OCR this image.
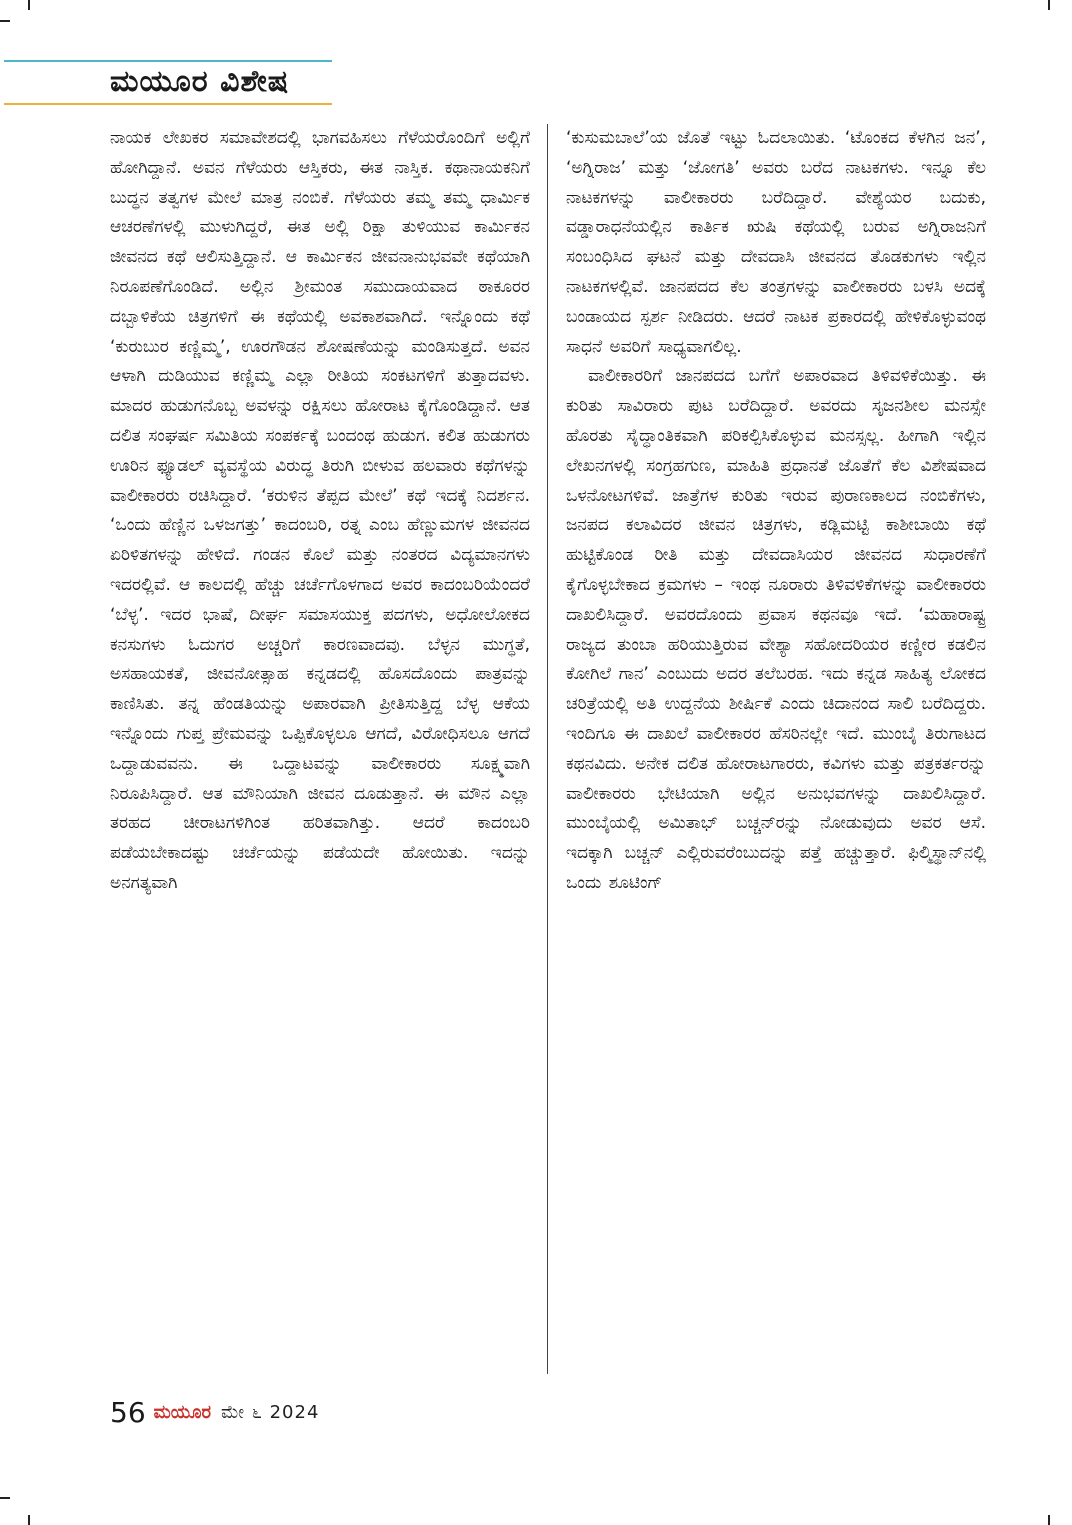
ಮಯೂರ ವಿಶೇಷ

ನಾಯಕ ಲೇಖಕರ ಸಮಾವೇಶದಲ್ಲಿ ಭಾಗವಹಿಸಲು ಗೆಳೆಯರೊಂದಿಗೆ ಅಲ್ಲಿಗೆ ಹೋಗಿದ್ದಾನೆ. ಅವನ ಗೆಳೆಯರು ಆಸ್ತಿಕರು, ಈತ ನಾಸ್ತಿಕ. ಕಥಾನಾಯಕನಿಗೆ ಬುದ್ಧನ ತತ್ವಗಳ ಮೇಲೆ ಮಾತ್ರ ನಂಬಿಕೆ. ಗೆಳೆಯರು ತಮ್ಮ ತಮ್ಮ ಧಾರ್ಮಿಕ ಆಚರಣೆಗಳಲ್ಲಿ ಮುಳುಗಿದ್ದರೆ, ಈತ ಅಲ್ಲಿ ರಿಕ್ಷಾ ತುಳಿಯುವ ಕಾರ್ಮಿಕನ ಜೀವನದ ಕಥೆ ಆಲಿಸುತ್ತಿದ್ದಾನೆ. ಆ ಕಾರ್ಮಿಕನ ಜೀವನಾನುಭವವೇ ಕಥೆಯಾಗಿ ನಿರೂಪಣೆಗೊಂಡಿದೆ. ಅಲ್ಲಿನ ಶ್ರೀಮಂತ ಸಮುದಾಯವಾದ ಠಾಕೂರರ ದಬ್ಬಾಳಿಕೆಯ ಚಿತ್ರಗಳಿಗೆ ಈ ಕಥೆಯಲ್ಲಿ ಅವಕಾಶವಾಗಿದೆ. ಇನ್ನೊಂದು ಕಥೆ ‘ಕುರುಬುರ ಕಣ್ಣಿಮ್ಮ’, ಊರಗೌಡನ ಶೋಷಣೆಯನ್ನು ಮಂಡಿಸುತ್ತದೆ. ಅವನ ಆಳಾಗಿ ದುಡಿಯುವ ಕಣ್ಣಿಮ್ಮ ಎಲ್ಲಾ ರೀತಿಯ ಸಂಕಟಗಳಿಗೆ ತುತ್ತಾದವಳು. ಮಾದರ ಹುಡುಗನೊಬ್ಬ ಅವಳನ್ನು ರಕ್ಷಿಸಲು ಹೋರಾಟ ಕೈಗೊಂಡಿದ್ದಾನೆ. ಆತ ದಲಿತ ಸಂಘರ್ಷ ಸಮಿತಿಯ ಸಂಪರ್ಕಕ್ಕೆ ಬಂದಂಥ ಹುಡುಗ. ಕಲಿತ ಹುಡುಗರು ಊರಿನ ಫ್ಯೂಡಲ್ ವ್ಯವಸ್ಥೆಯ ವಿರುದ್ಧ ತಿರುಗಿ ಬೀಳುವ ಹಲವಾರು ಕಥೆಗಳನ್ನು ವಾಲೀಕಾರರು ರಚಿಸಿದ್ದಾರೆ. ‘ಕರುಳಿನ ತೆಪ್ಪದ ಮೇಲೆ’ ಕಥೆ ಇದಕ್ಕೆ ನಿದರ್ಶನ. ‘ಒಂದು ಹೆಣ್ಣಿನ ಒಳಜಗತ್ತು’ ಕಾದಂಬರಿ, ರತ್ನ ಎಂಬ ಹೆಣ್ಣುಮಗಳ ಜೀವನದ ಏರಿಳಿತಗಳನ್ನು ಹೇಳಿದೆ. ಗಂಡನ ಕೊಲೆ ಮತ್ತು ನಂತರದ ವಿದ್ಯಮಾನಗಳು ಇದರಲ್ಲಿವೆ. ಆ ಕಾಲದಲ್ಲಿ ಹೆಚ್ಚು ಚರ್ಚೆಗೊಳಗಾದ ಅವರ ಕಾದಂಬರಿಯೆಂದರೆ ‘ಬೆಳ್ಳ’. ಇದರ ಭಾಷೆ, ದೀರ್ಘ ಸಮಾಸಯುಕ್ತ ಪದಗಳು, ಅಧೋಲೋಕದ ಕನಸುಗಳು ಓದುಗರ ಅಚ್ಚರಿಗೆ ಕಾರಣವಾದವು. ಬೆಳ್ಳನ ಮುಗ್ಧತೆ, ಅಸಹಾಯಕತೆ, ಜೀವನೋತ್ಸಾಹ ಕನ್ನಡದಲ್ಲಿ ಹೊಸದೊಂದು ಪಾತ್ರವನ್ನು ಕಾಣಿಸಿತು. ತನ್ನ ಹೆಂಡತಿಯನ್ನು ಅಪಾರವಾಗಿ ಪ್ರೀತಿಸುತ್ತಿದ್ದ ಬೆಳ್ಳ ಆಕೆಯ ಇನ್ನೊಂದು ಗುಪ್ತ ಪ್ರೇಮವನ್ನು ಒಪ್ಪಿಕೊಳ್ಳಲೂ ಆಗದೆ, ವಿರೋಧಿಸಲೂ ಆಗದೆ ಒದ್ದಾಡುವವನು. ಈ ಒದ್ದಾಟವನ್ನು ವಾಲೀಕಾರರು ಸೂಕ್ಷ್ಮವಾಗಿ ನಿರೂಪಿಸಿದ್ದಾರೆ. ಆತ ಮೌನಿಯಾಗಿ ಜೀವನ ದೂಡುತ್ತಾನೆ. ಈ ಮೌನ ಎಲ್ಲಾ ತರಹದ ಚೀರಾಟಗಳಿಗಿಂತ ಹರಿತವಾಗಿತ್ತು. ಆದರೆ ಕಾದಂಬರಿ ಪಡೆಯಬೇಕಾದಷ್ಟು ಚರ್ಚೆಯನ್ನು ಪಡೆಯದೇ ಹೋಯಿತು. ಇದನ್ನು ಅನಗತ್ಯವಾಗಿ

‘ಕುಸುಮಬಾಲೆ’ಯ ಜೊತೆ ಇಟ್ಟು ಓದಲಾಯಿತು. ‘ಟೊಂಕದ ಕೆಳಗಿನ ಜನ’, ‘ಅಗ್ನಿರಾಜ’ ಮತ್ತು ‘ಜೋಗತಿ’ ಅವರು ಬರೆದ ನಾಟಕಗಳು. ಇನ್ನೂ ಕೆಲ ನಾಟಕಗಳನ್ನು ವಾಲೀಕಾರರು ಬರೆದಿದ್ದಾರೆ. ವೇಶ್ಯೆಯರ ಬದುಕು, ವಡ್ಡಾರಾಧನೆಯಲ್ಲಿನ ಕಾರ್ತಿಕ ಋಷಿ ಕಥೆಯಲ್ಲಿ ಬರುವ ಅಗ್ನಿರಾಜನಿಗೆ ಸಂಬಂಧಿಸಿದ ಘಟನೆ ಮತ್ತು ದೇವದಾಸಿ ಜೀವನದ ತೊಡಕುಗಳು ಇಲ್ಲಿನ ನಾಟಕಗಳಲ್ಲಿವೆ. ಜಾನಪದದ ಕೆಲ ತಂತ್ರಗಳನ್ನು ವಾಲೀಕಾರರು ಬಳಸಿ ಅದಕ್ಕೆ ಬಂಡಾಯದ ಸ್ಪರ್ಶ ನೀಡಿದರು. ಆದರೆ ನಾಟಕ ಪ್ರಕಾರದಲ್ಲಿ ಹೇಳಿಕೊಳ್ಳುವಂಥ ಸಾಧನೆ ಅವರಿಗೆ ಸಾಧ್ಯವಾಗಲಿಲ್ಲ.

ವಾಲೀಕಾರರಿಗೆ ಜಾನಪದದ ಬಗೆಗೆ ಅಪಾರವಾದ ತಿಳಿವಳಿಕೆಯಿತ್ತು. ಈ ಕುರಿತು ಸಾವಿರಾರು ಪುಟ ಬರೆದಿದ್ದಾರೆ. ಅವರದು ಸೃಜನಶೀಲ ಮನಸ್ಸೇ ಹೊರತು ಸೈದ್ಧಾಂತಿಕವಾಗಿ ಪರಿಕಲ್ಪಿಸಿಕೊಳ್ಳುವ ಮನಸ್ಸಲ್ಲ. ಹೀಗಾಗಿ ಇಲ್ಲಿನ ಲೇಖನಗಳಲ್ಲಿ ಸಂಗ್ರಹಗುಣ, ಮಾಹಿತಿ ಪ್ರಧಾನತೆ ಜೊತೆಗೆ ಕೆಲ ವಿಶೇಷವಾದ ಒಳನೋಟಗಳಿವೆ. ಜಾತ್ರೆಗಳ ಕುರಿತು ಇರುವ ಪುರಾಣಕಾಲದ ನಂಬಿಕೆಗಳು, ಜನಪದ ಕಲಾವಿದರ ಜೀವನ ಚಿತ್ರಗಳು, ಕಡ್ಲಿಮಟ್ಟಿ ಕಾಶೀಬಾಯಿ ಕಥೆ ಹುಟ್ಟಿಕೊಂಡ ರೀತಿ ಮತ್ತು ದೇವದಾಸಿಯರ ಜೀವನದ ಸುಧಾರಣೆಗೆ ಕೈಗೊಳ್ಳಬೇಕಾದ ಕ್ರಮಗಳು – ಇಂಥ ನೂರಾರು ತಿಳಿವಳಿಕೆಗಳನ್ನು ವಾಲೀಕಾರರು ದಾಖಲಿಸಿದ್ದಾರೆ. ಅವರದೊಂದು ಪ್ರವಾಸ ಕಥನವೂ ಇದೆ. ‘ಮಹಾರಾಷ್ಟ್ರ ರಾಜ್ಯದ ತುಂಬಾ ಹರಿಯುತ್ತಿರುವ ವೇಶ್ಯಾ ಸಹೋದರಿಯರ ಕಣ್ಣೀರ ಕಡಲಿನ ಕೋಗಿಲೆ ಗಾನ’ ಎಂಬುದು ಅದರ ತಲೆಬರಹ. ಇದು ಕನ್ನಡ ಸಾಹಿತ್ಯ ಲೋಕದ ಚರಿತ್ರೆಯಲ್ಲಿ ಅತಿ ಉದ್ದನೆಯ ಶೀರ್ಷಿಕೆ ಎಂದು ಚಿದಾನಂದ ಸಾಲಿ ಬರೆದಿದ್ದರು. ಇಂದಿಗೂ ಈ ದಾಖಲೆ ವಾಲೀಕಾರರ ಹೆಸರಿನಲ್ಲೇ ಇದೆ. ಮುಂಬೈ ತಿರುಗಾಟದ ಕಥನವಿದು. ಅನೇಕ ದಲಿತ ಹೋರಾಟಗಾರರು, ಕವಿಗಳು ಮತ್ತು ಪತ್ರಕರ್ತರನ್ನು ವಾಲೀಕಾರರು ಭೇಟಿಯಾಗಿ ಅಲ್ಲಿನ ಅನುಭವಗಳನ್ನು ದಾಖಲಿಸಿದ್ದಾರೆ. ಮುಂಬೈಯಲ್ಲಿ ಅಮಿತಾಭ್ ಬಚ್ಚನ್‌ರನ್ನು ನೋಡುವುದು ಅವರ ಆಸೆ. ಇದಕ್ಕಾಗಿ ಬಚ್ಚನ್ ಎಲ್ಲಿರುವರೆಂಬುದನ್ನು ಪತ್ತೆ ಹಚ್ಚುತ್ತಾರೆ. ಫಿಲ್ಮಿಸ್ಥಾನ್‌ನಲ್ಲಿ ಒಂದು ಶೂಟಿಂಗ್

56 ಮಯೂರ ಮೇ ೬ 2024
